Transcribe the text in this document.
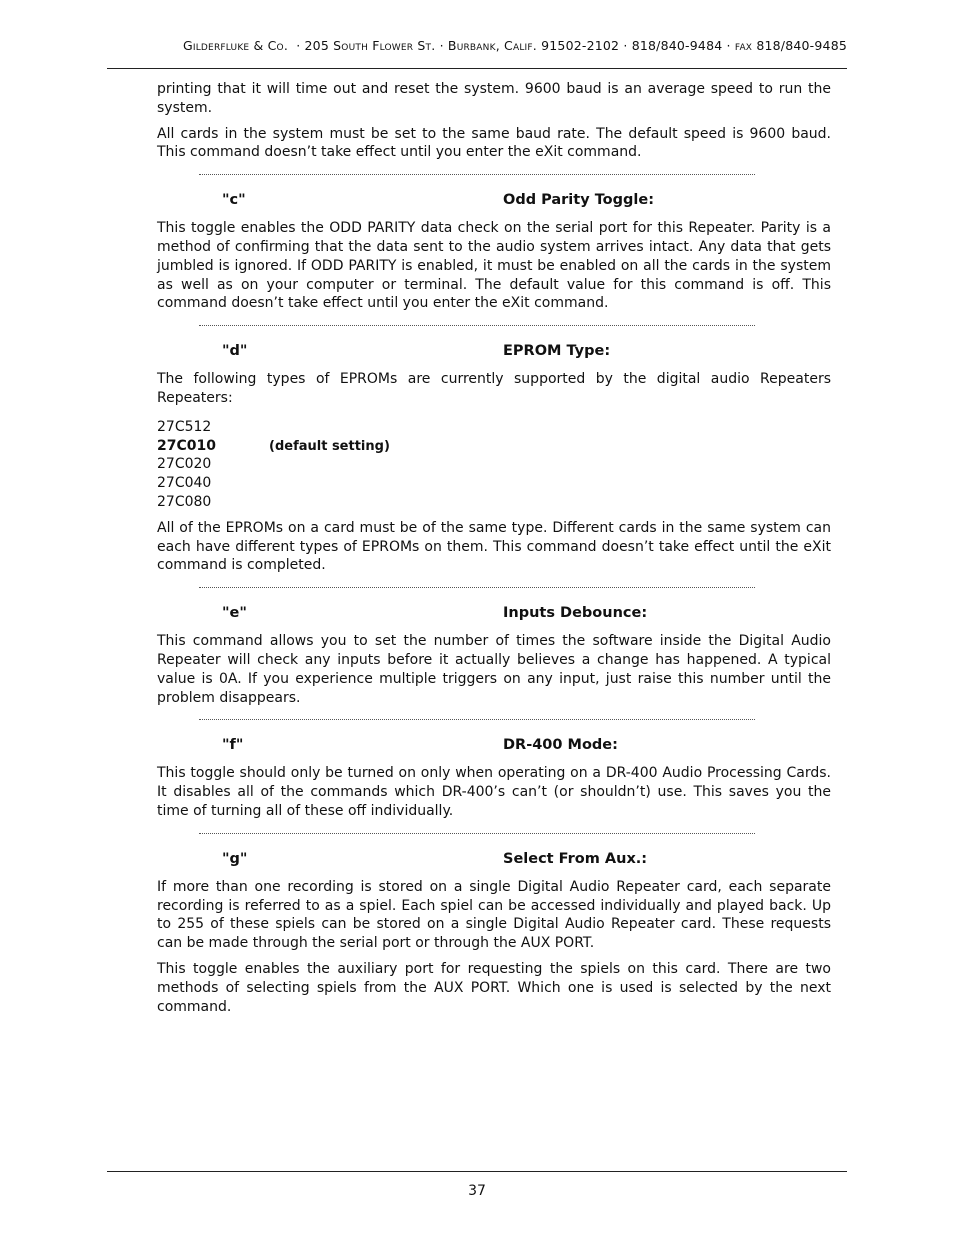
Gilderfluke & Co. · 205 South Flower St. · Burbank, Calif. 91502-2102 · 818/840-9484 · fax 818/840-9485

printing that it will time out and reset the system. 9600 baud is an average speed to run the system.

All cards in the system must be set to the same baud rate. The default speed is 9600 baud. This command doesn’t take effect until you enter the eXit command.

"c"	Odd Parity Toggle:

This toggle enables the ODD PARITY data check on the serial port for this Repeater. Parity is a method of confirming that the data sent to the audio system arrives intact. Any data that gets jumbled is ignored. If ODD PARITY is enabled, it must be enabled on all the cards in the system as well as on your computer or terminal. The default value for this command is off. This command doesn’t take effect until you enter the eXit command.

"d"	EPROM Type:

The following types of EPROMs are currently supported by the digital audio Repeaters Repeaters:

27C512
27C010	(default setting)
27C020
27C040
27C080

All of the EPROMs on a card must be of the same type. Different cards in the same system can each have different types of EPROMs on them. This command doesn’t take effect until the eXit command is completed.

"e"	Inputs Debounce:

This command allows you to set the number of times the software inside the Digital Audio Repeater will check any inputs before it actually believes a change has happened. A typical value is 0A. If you experience multiple triggers on any input, just raise this number until the problem disappears.

"f"	DR-400 Mode:

This toggle should only be turned on only when operating on a DR-400 Audio Processing Cards. It disables all of the commands which DR-400’s can’t (or shouldn’t) use. This saves you the time of turning all of these off individually.

"g"	Select From Aux.:

If more than one recording is stored on a single Digital Audio Repeater card, each separate recording is referred to as a spiel. Each spiel can be accessed individually and played back. Up to 255 of these spiels can be stored on a single Digital Audio Repeater card. These requests can be made through the serial port or through the AUX PORT.

This toggle enables the auxiliary port for requesting the spiels on this card. There are two methods of selecting spiels from the AUX PORT. Which one is used is selected by the next command.

37
